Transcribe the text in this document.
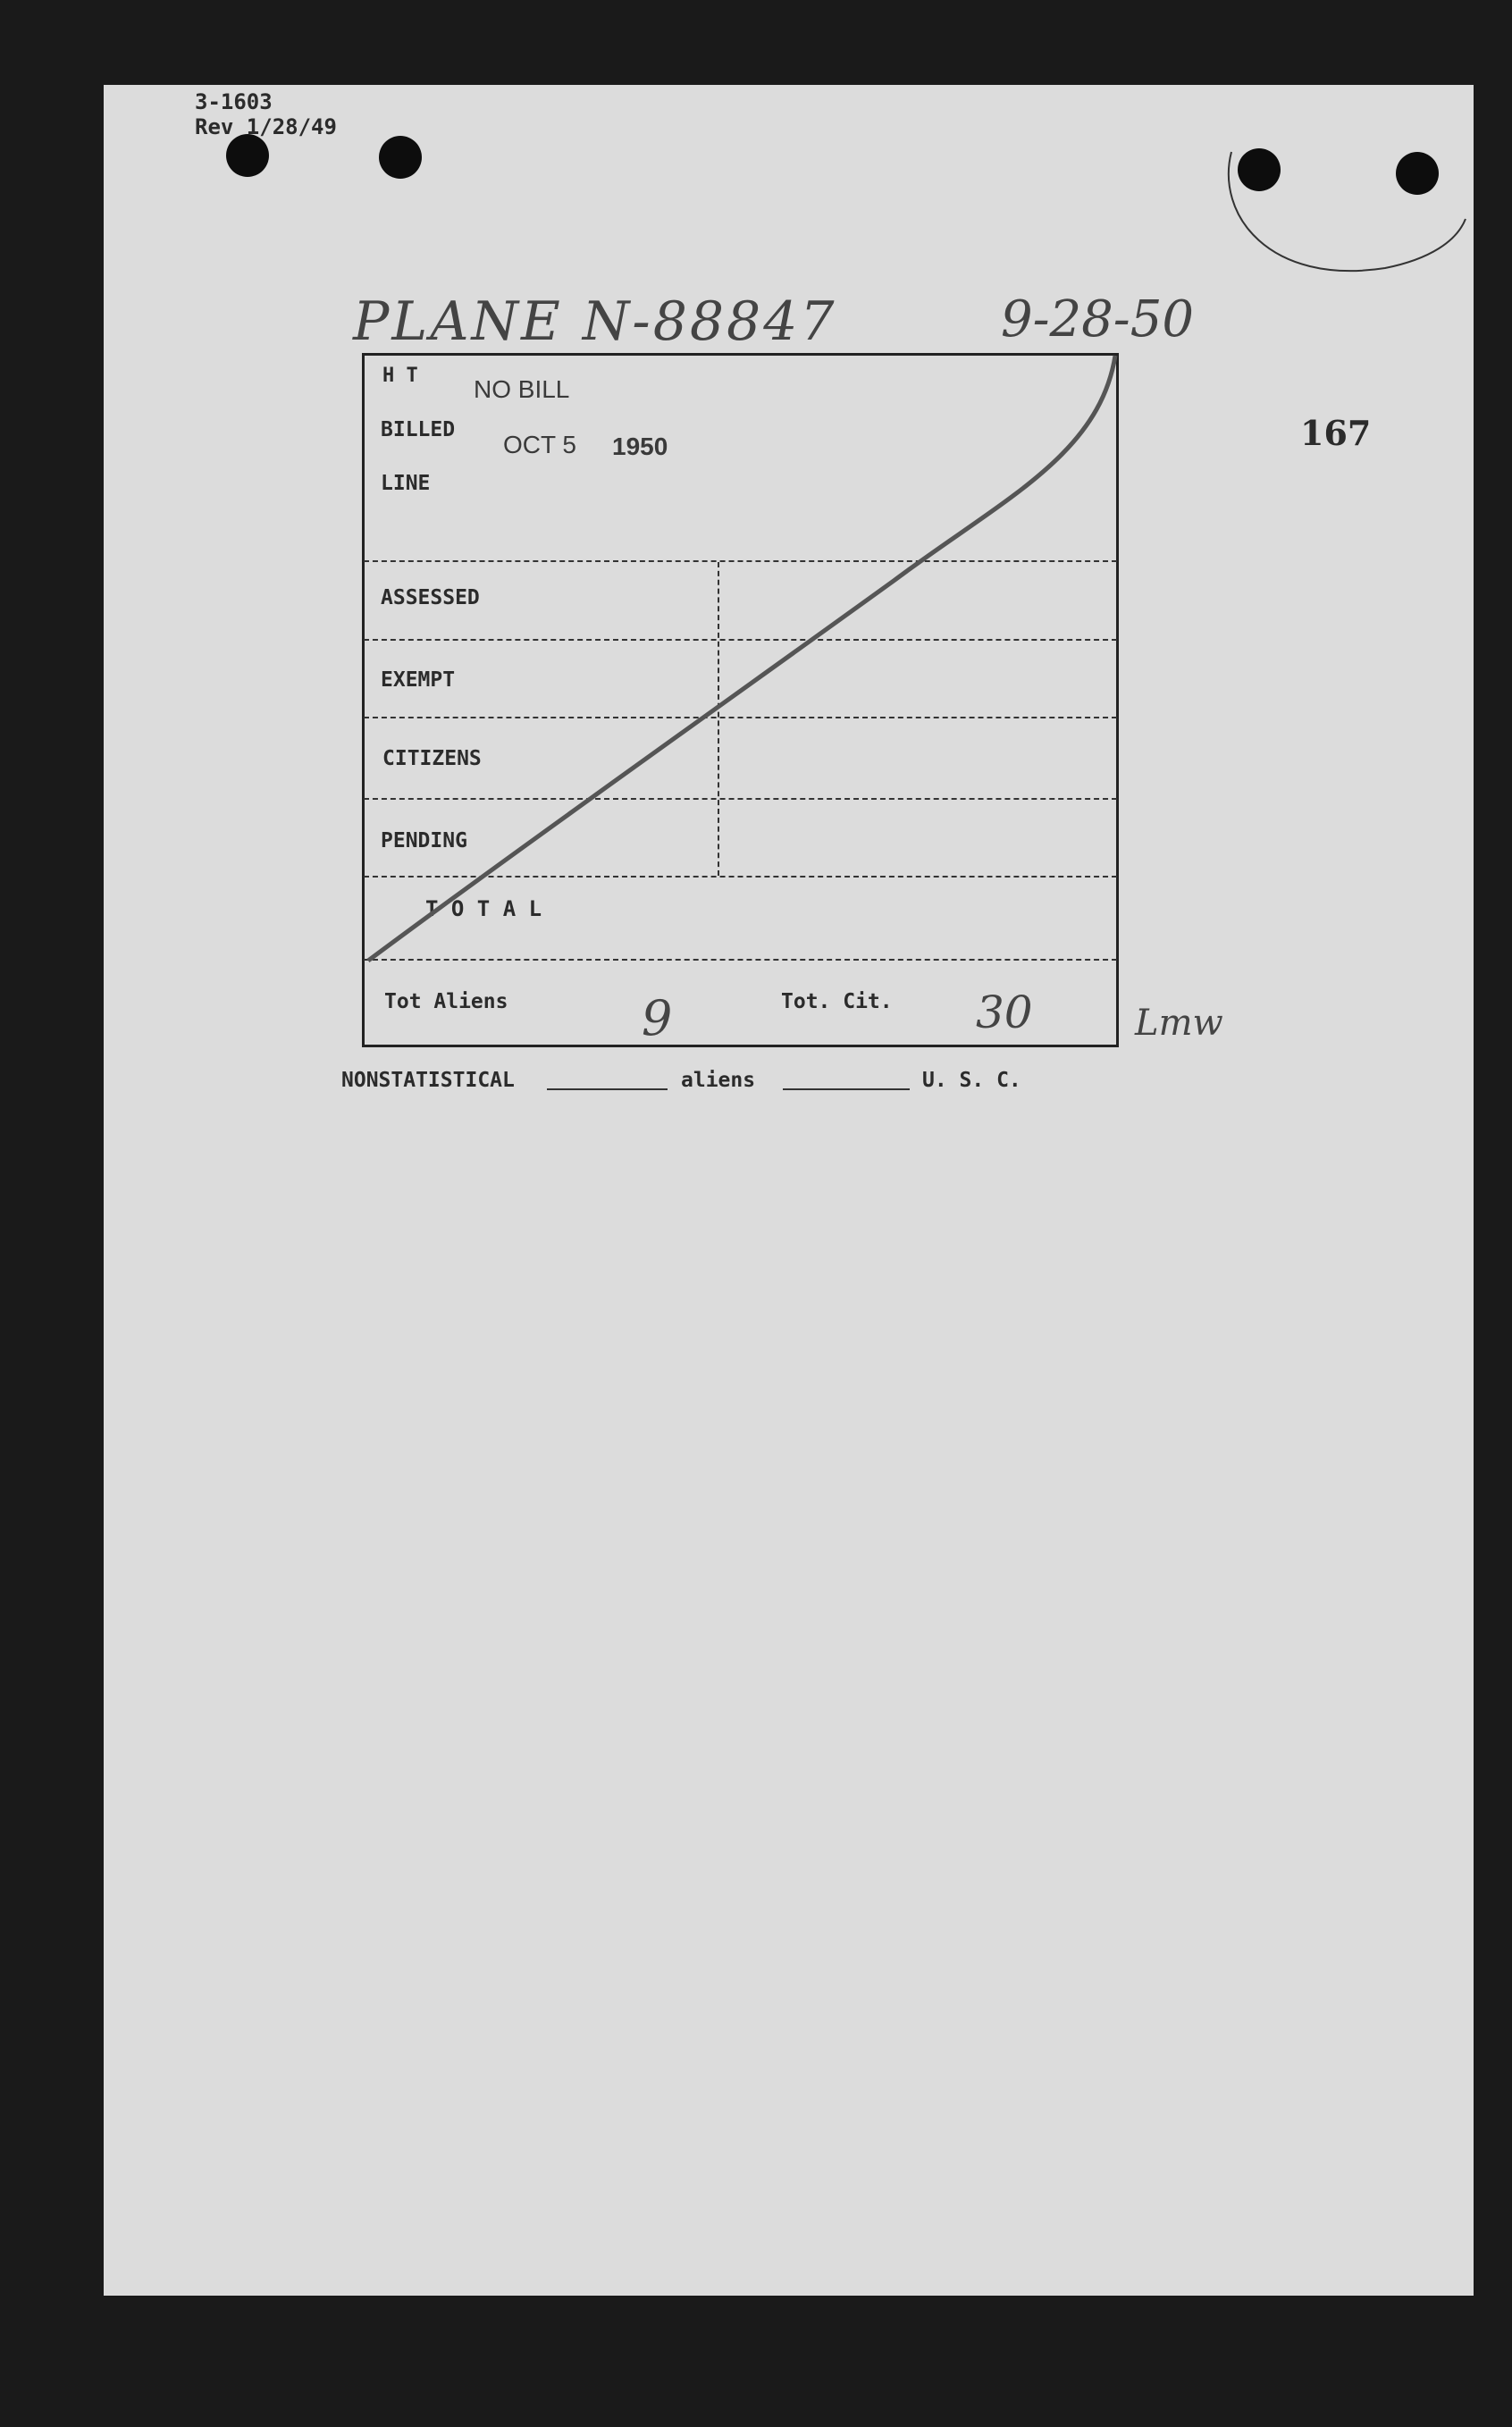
3-1603
Rev 1/28/49
PLANE N-88847	9-28-50
167
H T NO BILL
BILLED
OCT 5 1950
LINE
ASSESSED
EXEMPT
CITIZENS
PENDING
T O T A L
Tot Aliens	9	Tot. Cit. 30	Lmw
NONSTATISTICAL	aliens	U. S. C.
